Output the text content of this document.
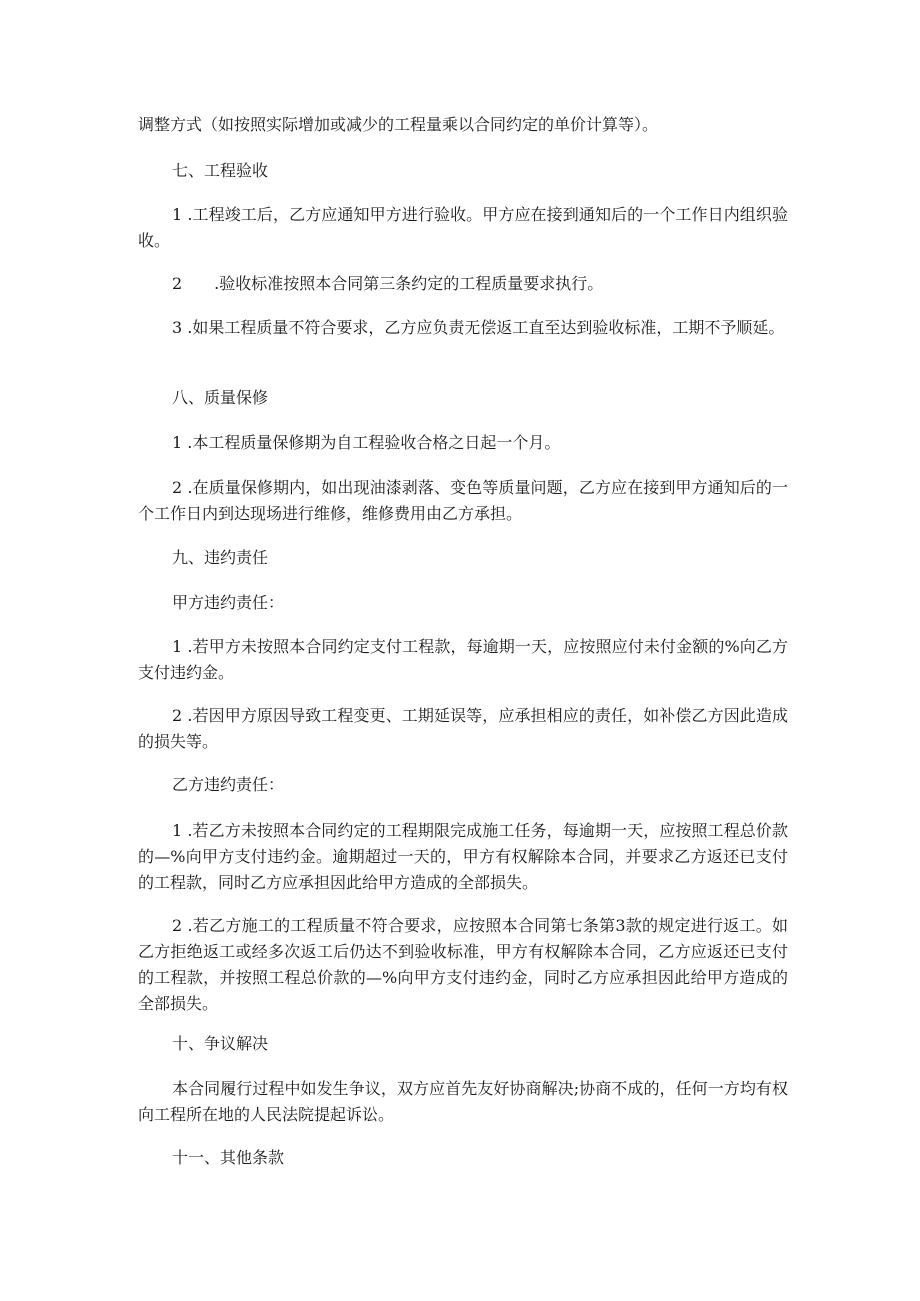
调整方式（如按照实际增加或减少的工程量乘以合同约定的单价计算等）。

七、工程验收

1 .工程竣工后，乙方应通知甲方进行验收。甲方应在接到通知后的一个工作日内组织验收。

2　　.验收标准按照本合同第三条约定的工程质量要求执行。

3 .如果工程质量不符合要求，乙方应负责无偿返工直至达到验收标准，工期不予顺延。

八、质量保修

1 .本工程质量保修期为自工程验收合格之日起一个月。

2 .在质量保修期内，如出现油漆剥落、变色等质量问题，乙方应在接到甲方通知后的一个工作日内到达现场进行维修，维修费用由乙方承担。

九、违约责任

甲方违约责任：

1 .若甲方未按照本合同约定支付工程款，每逾期一天，应按照应付未付金额的%向乙方支付违约金。

2 .若因甲方原因导致工程变更、工期延误等，应承担相应的责任，如补偿乙方因此造成的损失等。

乙方违约责任：

1 .若乙方未按照本合同约定的工程期限完成施工任务，每逾期一天，应按照工程总价款的—%向甲方支付违约金。逾期超过一天的，甲方有权解除本合同，并要求乙方返还已支付的工程款，同时乙方应承担因此给甲方造成的全部损失。

2 .若乙方施工的工程质量不符合要求，应按照本合同第七条第3款的规定进行返工。如乙方拒绝返工或经多次返工后仍达不到验收标准，甲方有权解除本合同，乙方应返还已支付的工程款，并按照工程总价款的—%向甲方支付违约金，同时乙方应承担因此给甲方造成的全部损失。

十、争议解决

本合同履行过程中如发生争议，双方应首先友好协商解决;协商不成的，任何一方均有权向工程所在地的人民法院提起诉讼。

十一、其他条款
